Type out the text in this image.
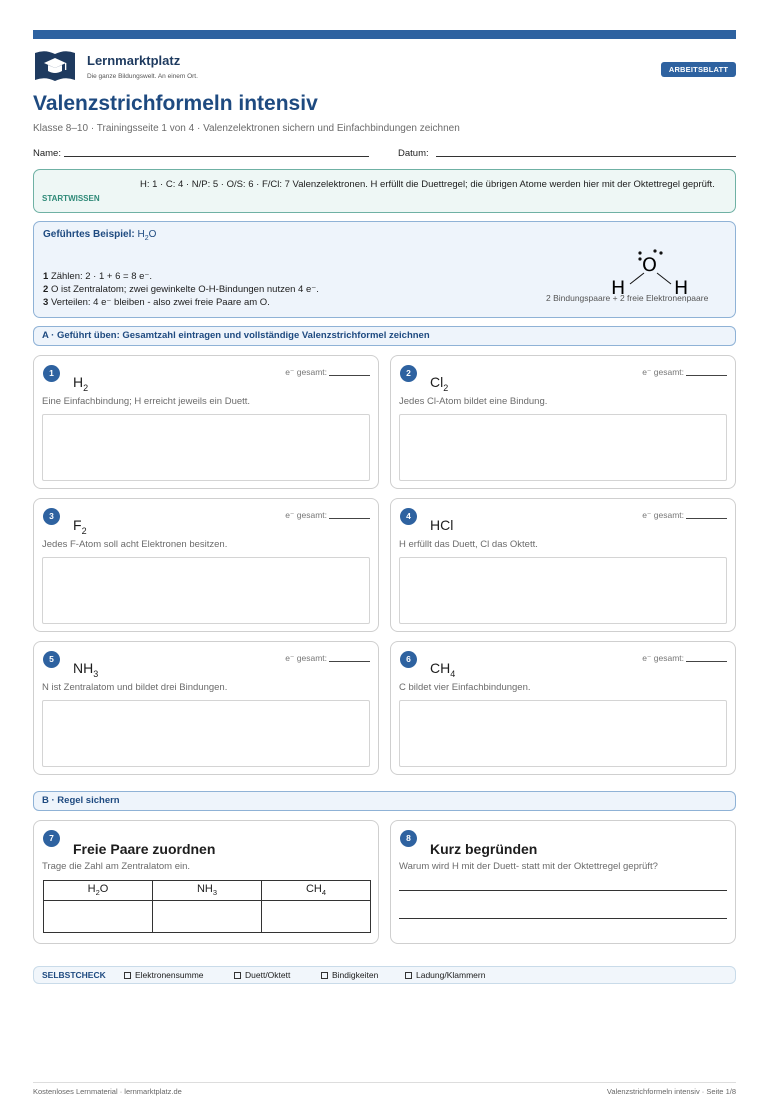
Lernmarktplatz
Die ganze Bildungswelt. An einem Ort.
ARBEITSBLATT
Valenzstrichformeln intensiv
Klasse 8–10 · Trainingsseite 1 von 4 · Valenzelektronen sichern und Einfachbindungen zeichnen
Name:	Datum:
STARTWISSEN
H: 1 · C: 4 · N/P: 5 · O/S: 6 · F/Cl: 7 Valenzelektronen. H erfüllt die Duettregel; die übrigen Atome werden hier mit der Oktettregel geprüft.
Geführtes Beispiel: $H_2O$
1 Zählen: 2 · 1 + 6 = 8 e⁻.
2 O ist Zentralatom; zwei gewinkelte O-H-Bindungen nutzen 4 e⁻.
3 Verteilen: 4 e⁻ bleiben - also zwei freie Paare am O.
O
H	H
2 Bindungspaare + 2 freie Elektronenpaare
A · Geführt üben: Gesamtzahl eintragen und vollständige Valenzstrichformel zeichnen
1
$H_2$
e⁻ gesamt:
Eine Einfachbindung; H erreicht jeweils ein Duett.
2
$Cl_2$
e⁻ gesamt:
Jedes Cl-Atom bildet eine Bindung.
3
$F_2$
e⁻ gesamt:
Jedes F-Atom soll acht Elektronen besitzen.
4
HCl
e⁻ gesamt:
H erfüllt das Duett, Cl das Oktett.
5
$NH_3$
e⁻ gesamt:
N ist Zentralatom und bildet drei Bindungen.
6
$CH_4$
e⁻ gesamt:
C bildet vier Einfachbindungen.
B · Regel sichern
7
Freie Paare zuordnen
Trage die Zahl am Zentralatom ein.
$H_2O$	$NH_3$	$CH_4$

8
Kurz begründen
Warum wird H mit der Duett- statt mit der Oktettregel geprüft?
SELBSTCHECK	Elektronensumme	Duett/Oktett	Bindigkeiten	Ladung/Klammern
Kostenloses Lernmaterial · lernmarktplatz.de	Valenzstrichformeln intensiv · Seite 1/8
